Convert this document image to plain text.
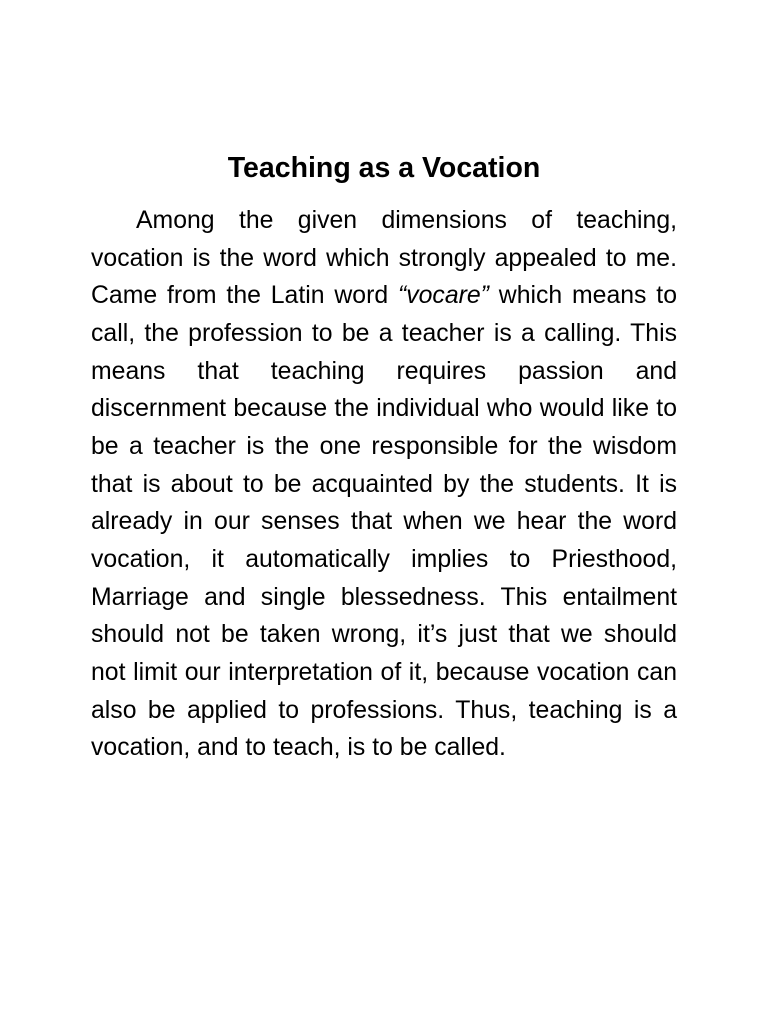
Teaching as a Vocation

Among the given dimensions of teaching, vocation is the word which strongly appealed to me. Came from the Latin word “vocare” which means to call, the profession to be a teacher is a calling. This means that teaching requires passion and discernment because the individual who would like to be a teacher is the one responsible for the wisdom that is about to be acquainted by the students. It is already in our senses that when we hear the word vocation, it automatically implies to Priesthood, Marriage and single blessedness. This entailment should not be taken wrong, it’s just that we should not limit our interpretation of it, because vocation can also be applied to professions. Thus, teaching is a vocation, and to teach, is to be called.
